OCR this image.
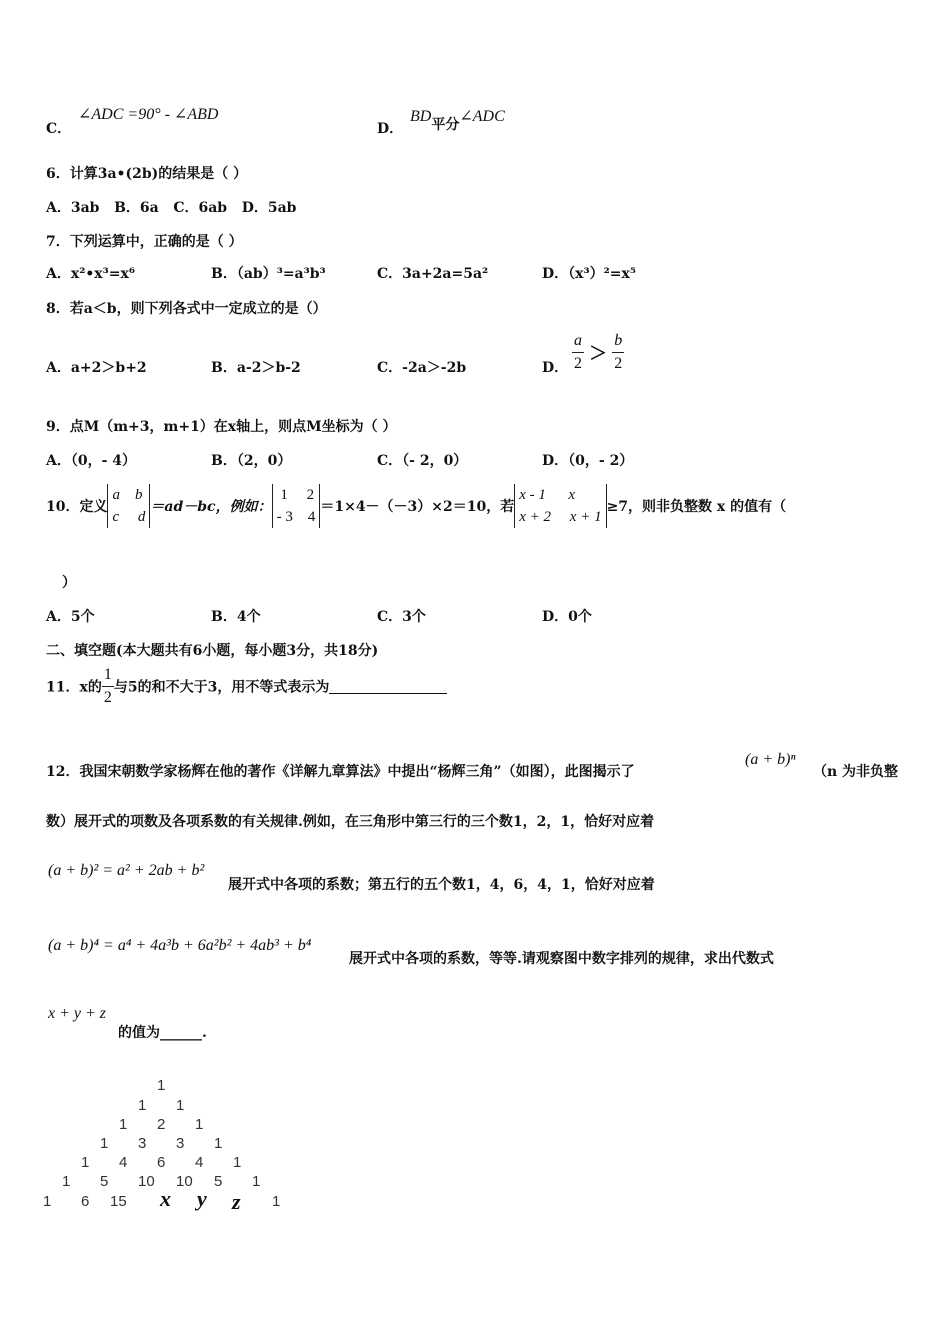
C．
∠ADC =90° - ∠ABD
D．
BD平分∠ADC
6．计算3a•(2b)的结果是（ ）
A．3ab   B．6a   C．6ab   D．5ab
7．下列运算中，正确的是（ ）
A．x²•x³=x⁶	B．（ab）³=a³b³	C．3a+2a=5a²	D．（x³）²=x⁵
8．若a＜b，则下列各式中一定成立的是（）
A．a+2＞b+2	B．a-2＞b-2	C．-2a＞-2b	D． $\frac{a}{2} > \frac{b}{2}$
9．点M（m+3，m+1）在x轴上，则点M坐标为（ ）
A．（0，- 4）	B．（2，0）	C．（- 2，0）	D．（0，- 2）
10．定义a b
c d＝ad－bc，例如： 1 2
- 3 4＝1×4－（－3）×2＝10，若x - 1 x
x + 2 x + 1≥7，则非负整数 x 的值有（
）
A．5个	B．4个	C．3个	D．0个
二、填空题(本大题共有6小题，每小题3分，共18分)
11．x的 $\frac{1}{2}$ 与5的和不大于3，用不等式表示为
12．我国宋朝数学家杨辉在他的著作《详解九章算法》中提出“杨辉三角”（如图），此图揭示了
(a + b)ⁿ
（n 为非负整
数）展开式的项数及各项系数的有关规律.例如，在三角形中第三行的三个数1，2，1，恰好对应着
(a + b)² = a² + 2ab + b²
展开式中各项的系数；第五行的五个数1，4，6，4，1，恰好对应着
(a + b)⁴ = a⁴ + 4a³b + 6a²b² + 4ab³ + b⁴
展开式中各项的系数，等等.请观察图中数字排列的规律，求出代数式
x + y + z
的值为______.
1
1 1
1 2 1
1 3 3 1
1 4 6 4 1
1 5 10 10 5 1
1 6 15 x y z 1
